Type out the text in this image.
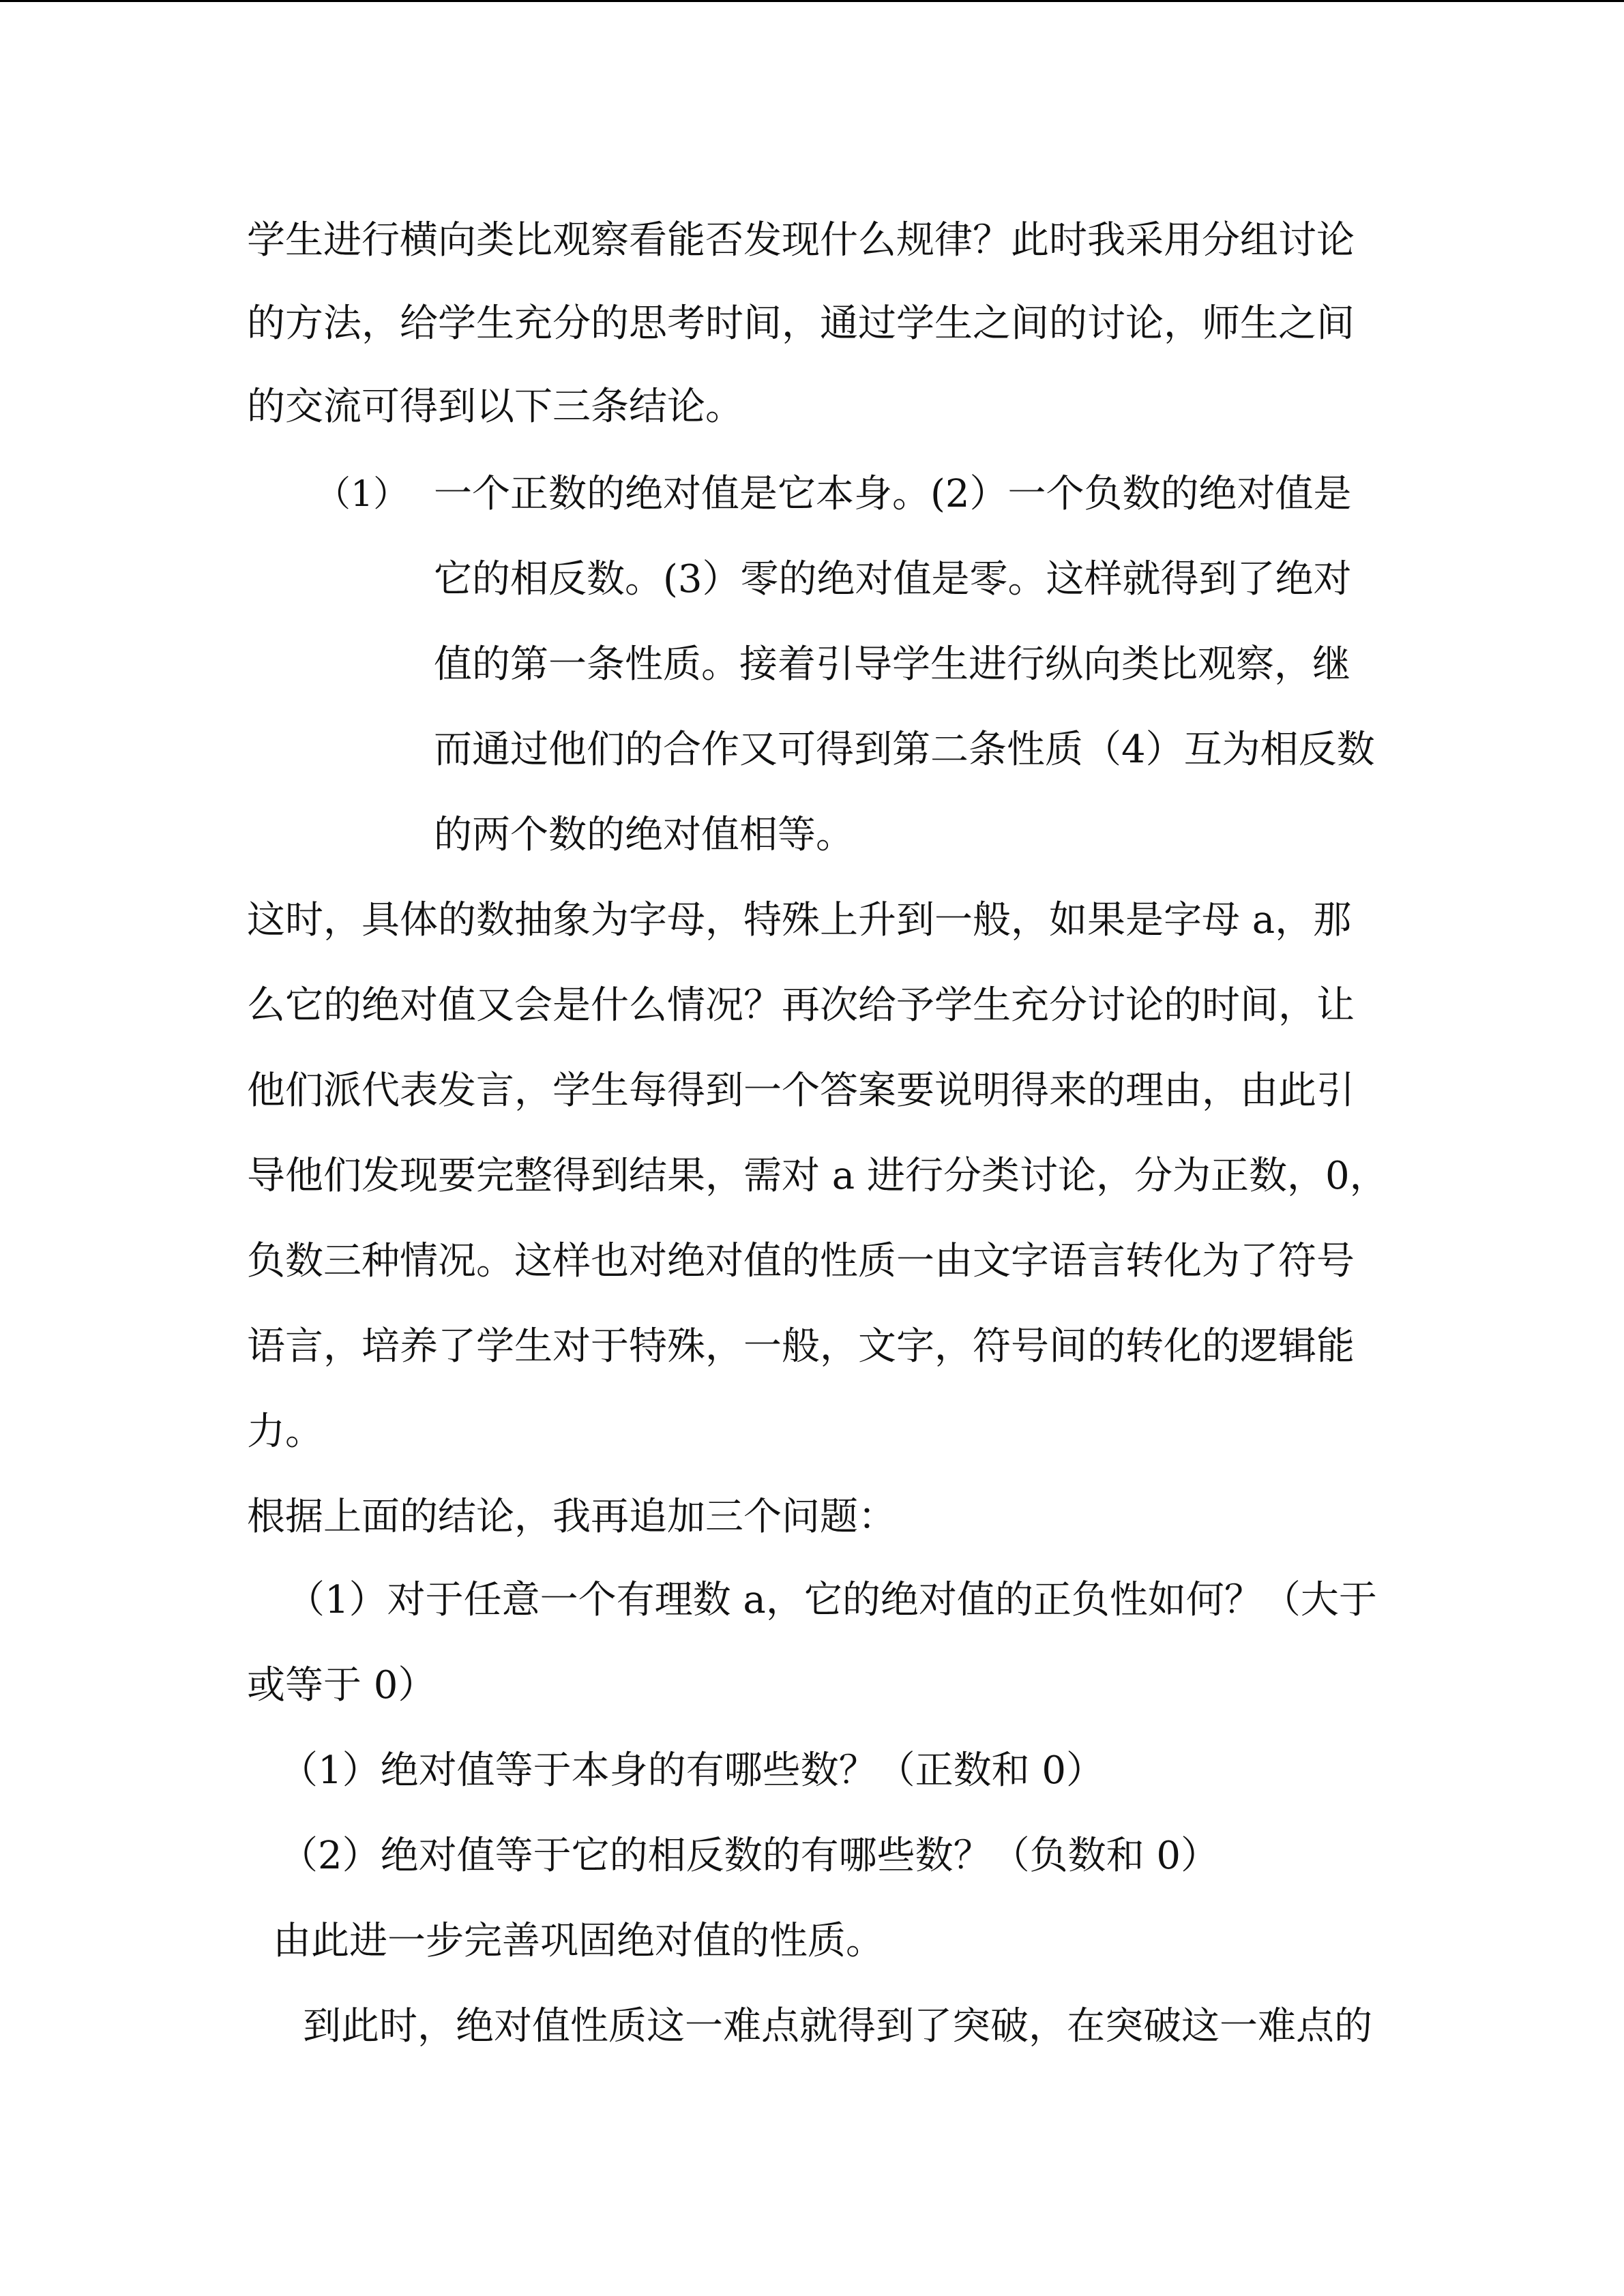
学生进行横向类比观察看能否发现什么规律？此时我采用分组讨论
的方法，给学生充分的思考时间，通过学生之间的讨论，师生之间
的交流可得到以下三条结论。
（1） 一个正数的绝对值是它本身。(2）一个负数的绝对值是
它的相反数。(3）零的绝对值是零。这样就得到了绝对
值的第一条性质。接着引导学生进行纵向类比观察，继
而通过他们的合作又可得到第二条性质（4）互为相反数
的两个数的绝对值相等。
这时，具体的数抽象为字母，特殊上升到一般，如果是字母 a，那
么它的绝对值又会是什么情况？再次给予学生充分讨论的时间，让
他们派代表发言，学生每得到一个答案要说明得来的理由，由此引
导他们发现要完整得到结果，需对 a 进行分类讨论，分为正数，0，
负数三种情况。这样也对绝对值的性质一由文字语言转化为了符号
语言，培养了学生对于特殊，一般，文字，符号间的转化的逻辑能
力。
根据上面的结论，我再追加三个问题：
（1）对于任意一个有理数 a，它的绝对值的正负性如何？（大于
或等于 0）
（1）绝对值等于本身的有哪些数？（正数和 0）
（2）绝对值等于它的相反数的有哪些数？（负数和 0）
由此进一步完善巩固绝对值的性质。
到此时，绝对值性质这一难点就得到了突破，在突破这一难点的
